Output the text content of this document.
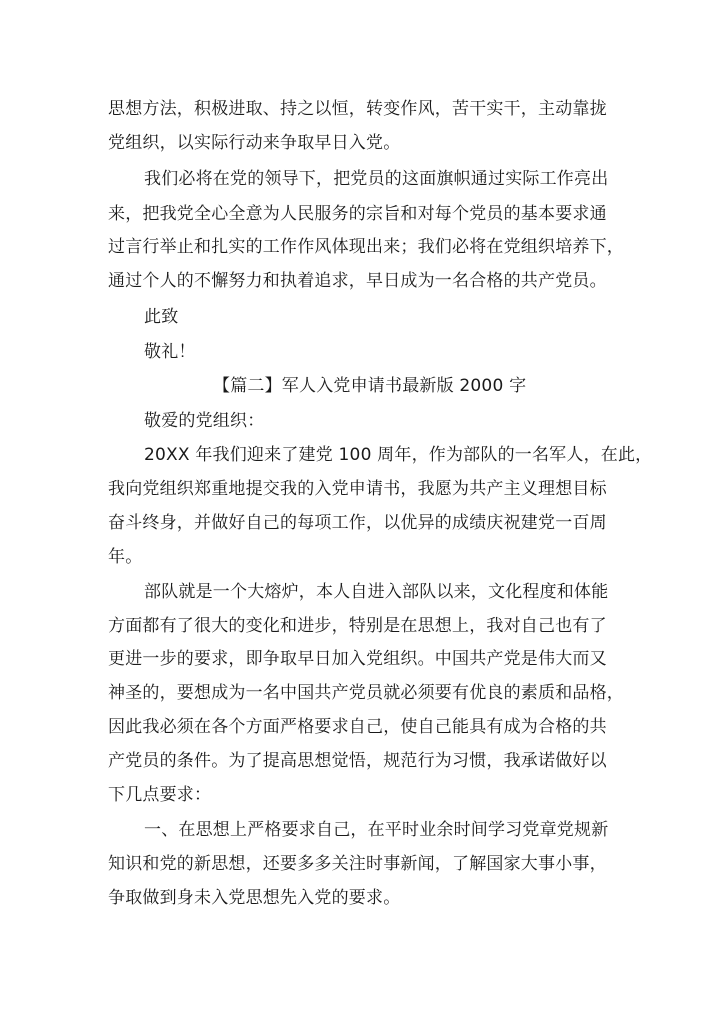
思想方法，积极进取、持之以恒，转变作风，苦干实干，主动靠拢
党组织，以实际行动来争取早日入党。
我们必将在党的领导下，把党员的这面旗帜通过实际工作亮出
来，把我党全心全意为人民服务的宗旨和对每个党员的基本要求通
过言行举止和扎实的工作作风体现出来；我们必将在党组织培养下，
通过个人的不懈努力和执着追求，早日成为一名合格的共产党员。
此致
敬礼！
【篇二】军人入党申请书最新版 2000 字
敬爱的党组织：
20XX 年我们迎来了建党 100 周年，作为部队的一名军人，在此，
我向党组织郑重地提交我的入党申请书，我愿为共产主义理想目标
奋斗终身，并做好自己的每项工作，以优异的成绩庆祝建党一百周
年。
部队就是一个大熔炉，本人自进入部队以来，文化程度和体能
方面都有了很大的变化和进步，特别是在思想上，我对自己也有了
更进一步的要求，即争取早日加入党组织。中国共产党是伟大而又
神圣的，要想成为一名中国共产党员就必须要有优良的素质和品格，
因此我必须在各个方面严格要求自己，使自己能具有成为合格的共
产党员的条件。为了提高思想觉悟，规范行为习惯，我承诺做好以
下几点要求：
一、在思想上严格要求自己，在平时业余时间学习党章党规新
知识和党的新思想，还要多多关注时事新闻，了解国家大事小事，
争取做到身未入党思想先入党的要求。
